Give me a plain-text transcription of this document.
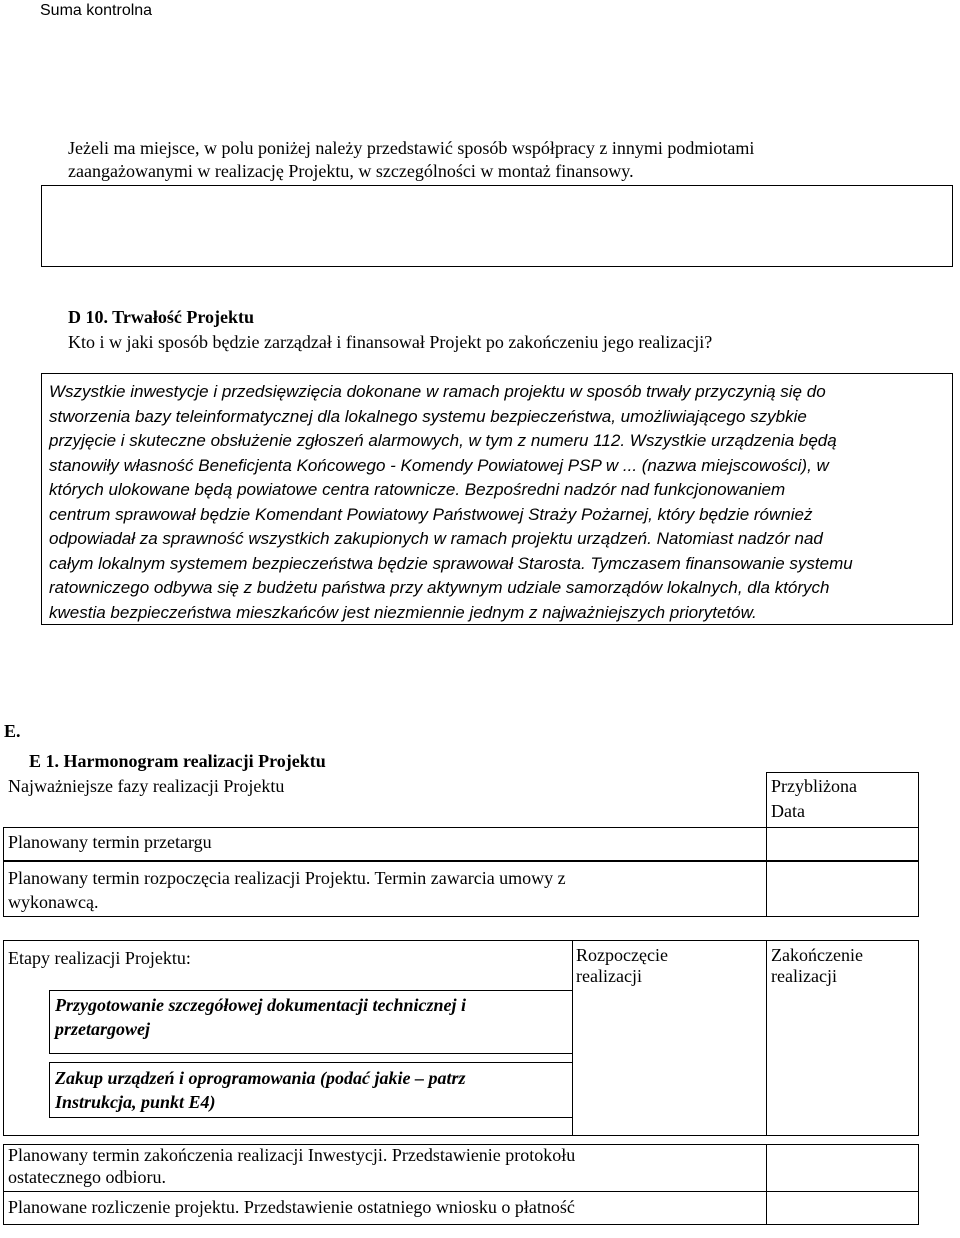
Suma kontrolna
Jeżeli ma miejsce, w polu poniżej należy przedstawić sposób współpracy z innymi podmiotami
zaangażowanymi w realizację Projektu, w szczególności w montaż finansowy.
D 10. Trwałość Projektu
Kto i w jaki sposób będzie zarządzał i finansował Projekt po zakończeniu jego realizacji?
Wszystkie inwestycje i przedsięwzięcia dokonane w ramach projektu w sposób trwały przyczynią się do
stworzenia bazy teleinformatycznej dla lokalnego systemu bezpieczeństwa, umożliwiającego szybkie
przyjęcie i skuteczne obsłużenie zgłoszeń alarmowych, w tym z numeru 112. Wszystkie urządzenia będą
stanowiły własność Beneficjenta Końcowego - Komendy Powiatowej PSP w ... (nazwa miejscowości), w
których ulokowane będą powiatowe centra ratownicze. Bezpośredni nadzór nad funkcjonowaniem
centrum sprawował będzie Komendant Powiatowy Państwowej Straży Pożarnej, który będzie również
odpowiadał za sprawność wszystkich zakupionych w ramach projektu urządzeń. Natomiast nadzór nad
całym lokalnym systemem bezpieczeństwa będzie sprawował Starosta. Tymczasem finansowanie systemu
ratowniczego odbywa się z budżetu państwa przy aktywnym udziale samorządów lokalnych, dla których
kwestia bezpieczeństwa mieszkańców jest niezmiennie jednym z najważniejszych priorytetów.
E.
E 1. Harmonogram realizacji Projektu
Najważniejsze fazy realizacji Projektu	Przybliżona
Data
Planowany termin przetargu
Planowany termin rozpoczęcia realizacji Projektu. Termin zawarcia umowy z
wykonawcą.
Etapy realizacji Projektu:	Rozpoczęcie
realizacji
Zakończenie
realizacji
Przygotowanie szczegółowej dokumentacji technicznej i
przetargowej
Zakup urządzeń i oprogramowania (podać jakie – patrz
Instrukcja, punkt E4)
Planowany termin zakończenia realizacji Inwestycji. Przedstawienie protokołu
ostatecznego odbioru.
Planowane rozliczenie projektu. Przedstawienie ostatniego wniosku o płatność
